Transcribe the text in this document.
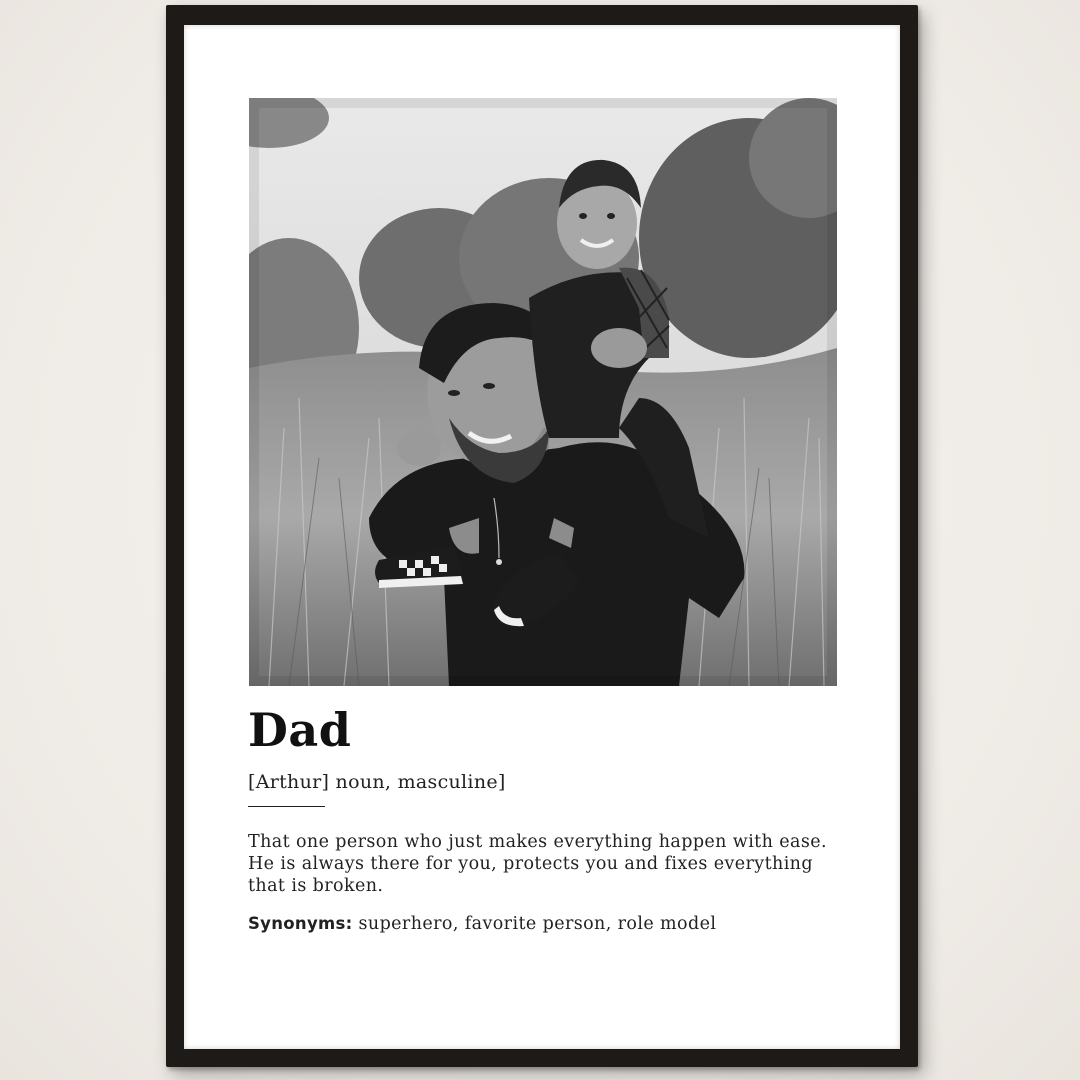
Dad
[Arthur] noun, masculine]
That one person who just makes everything happen with ease.
He is always there for you, protects you and fixes everything
that is broken.
Synonyms: superhero, favorite person, role model
